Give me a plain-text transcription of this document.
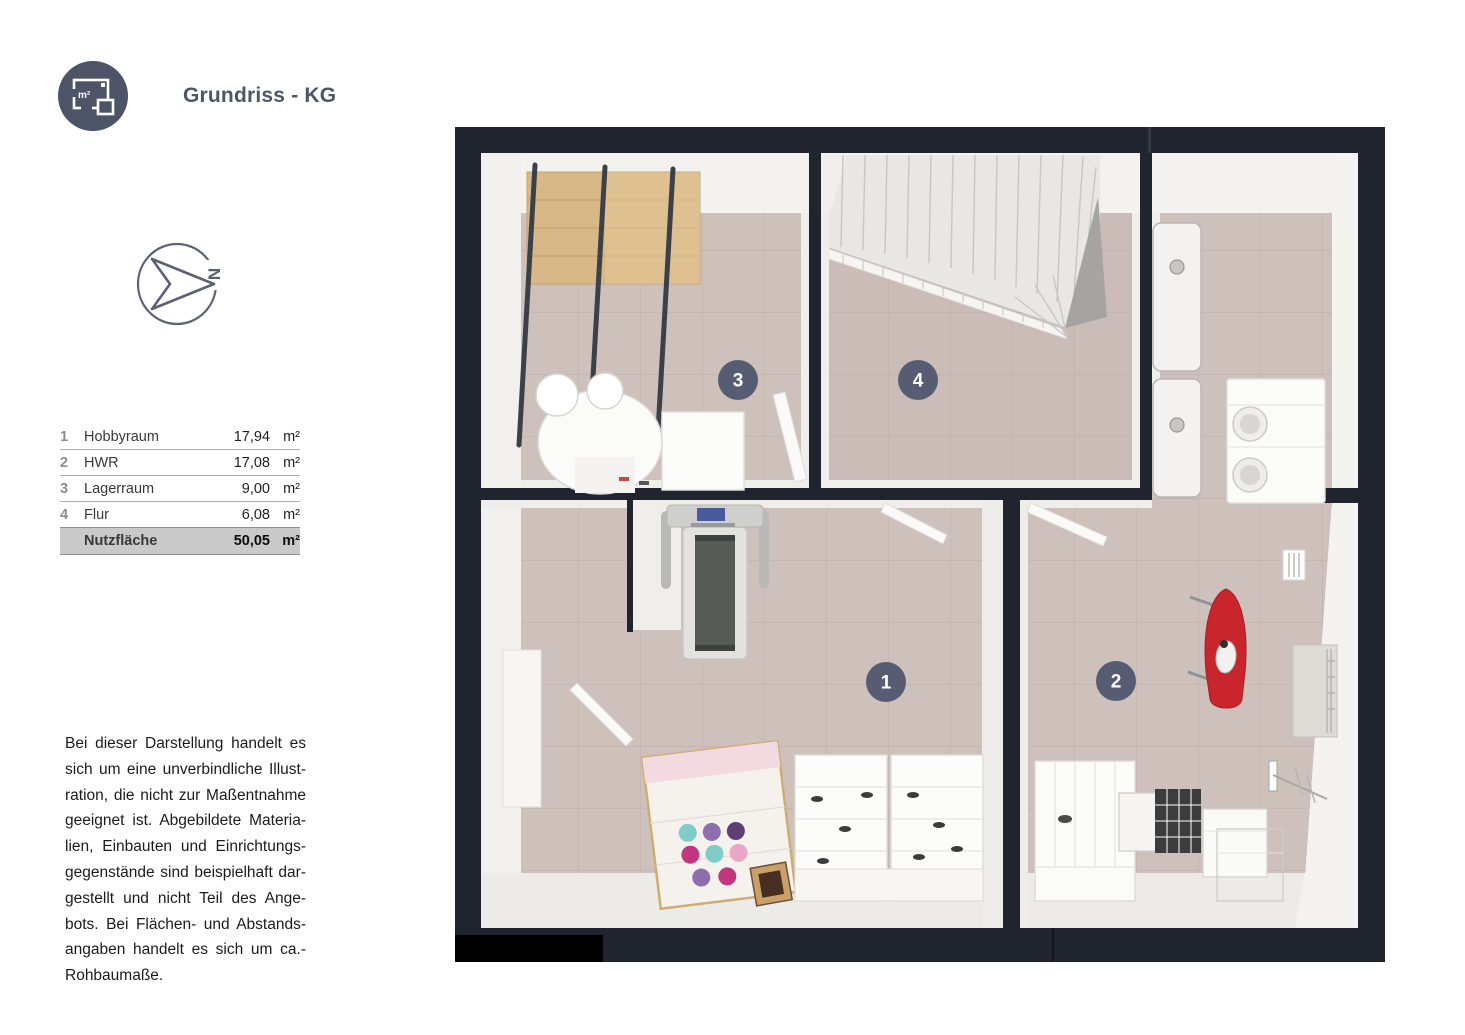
m²	Grundriss - KG
N
1	Hobbyraum	17,94 m²
2	HWR	17,08 m²
3	Lagerraum	9,00 m²
4	Flur	6,08 m²
Nutzfläche	50,05 m²
Bei dieser Darstellung handelt es
sich um eine unverbindliche Illust-
ration, die nicht zur Maßentnahme
geeignet ist. Abgebildete Materia-
lien, Einbauten und Einrichtungs-
gegenstände sind beispielhaft dar-
gestellt und nicht Teil des Ange-
bots. Bei Flächen- und Abstands-
angaben handelt es sich um ca.-
Rohbaumaße.
1	2
3	4
